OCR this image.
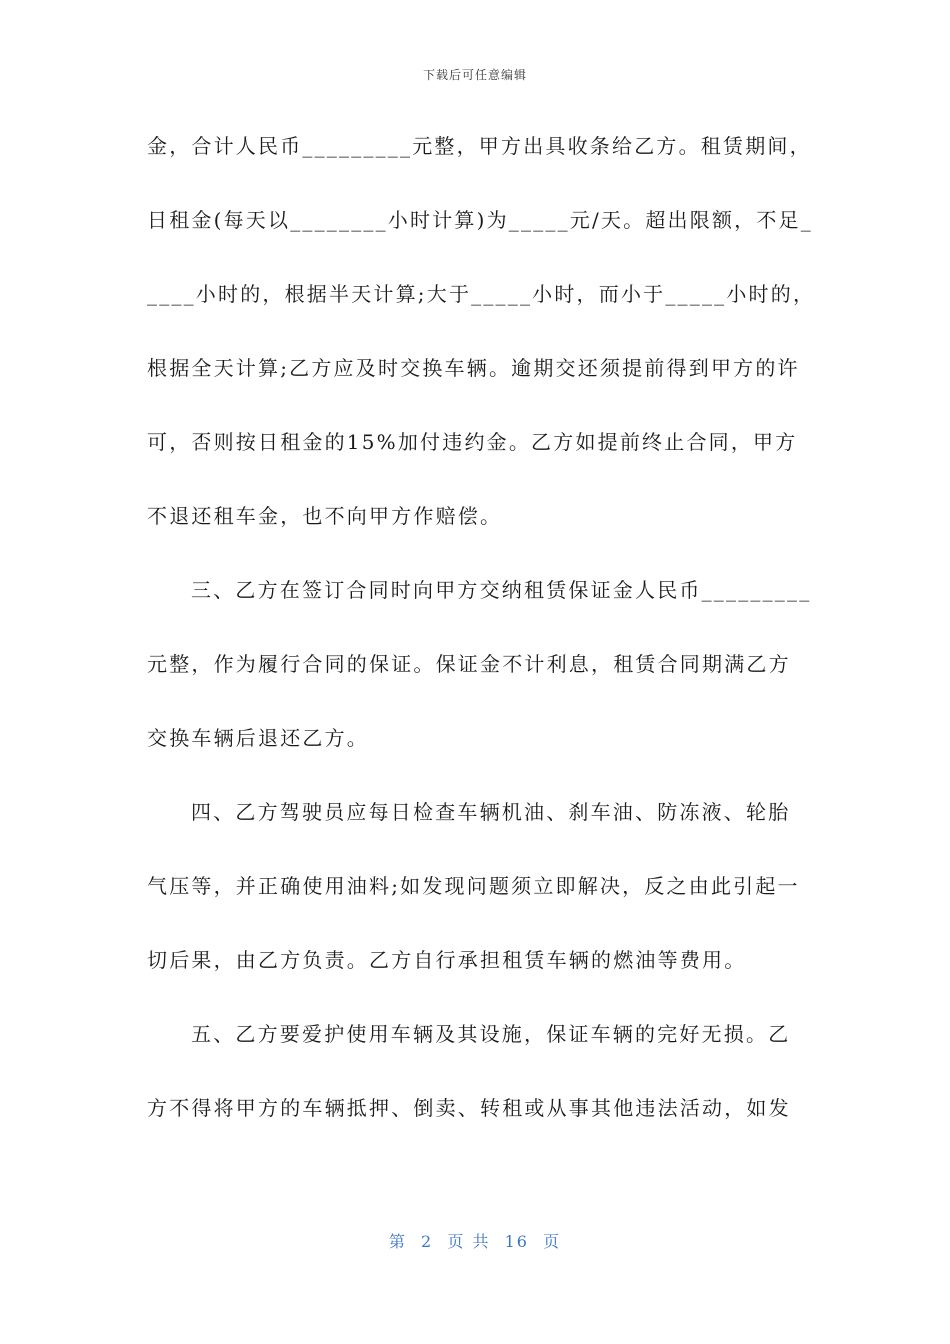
下载后可任意编辑
金，合计人民币_________元整，甲方出具收条给乙方。租赁期间，
日租金(每天以________小时计算)为_____元/天。超出限额，不足_
____小时的，根据半天计算;大于_____小时，而小于_____小时的，
根据全天计算;乙方应及时交换车辆。逾期交还须提前得到甲方的许
可，否则按日租金的15%加付违约金。乙方如提前终止合同，甲方
不退还租车金，也不向甲方作赔偿。
三、乙方在签订合同时向甲方交纳租赁保证金人民币_________
元整，作为履行合同的保证。保证金不计利息，租赁合同期满乙方
交换车辆后退还乙方。
四、乙方驾驶员应每日检查车辆机油、刹车油、防冻液、轮胎
气压等，并正确使用油料;如发现问题须立即解决，反之由此引起一
切后果，由乙方负责。乙方自行承担租赁车辆的燃油等费用。
五、乙方要爱护使用车辆及其设施，保证车辆的完好无损。乙
方不得将甲方的车辆抵押、倒卖、转租或从事其他违法活动，如发
第  2  页 共  16  页
